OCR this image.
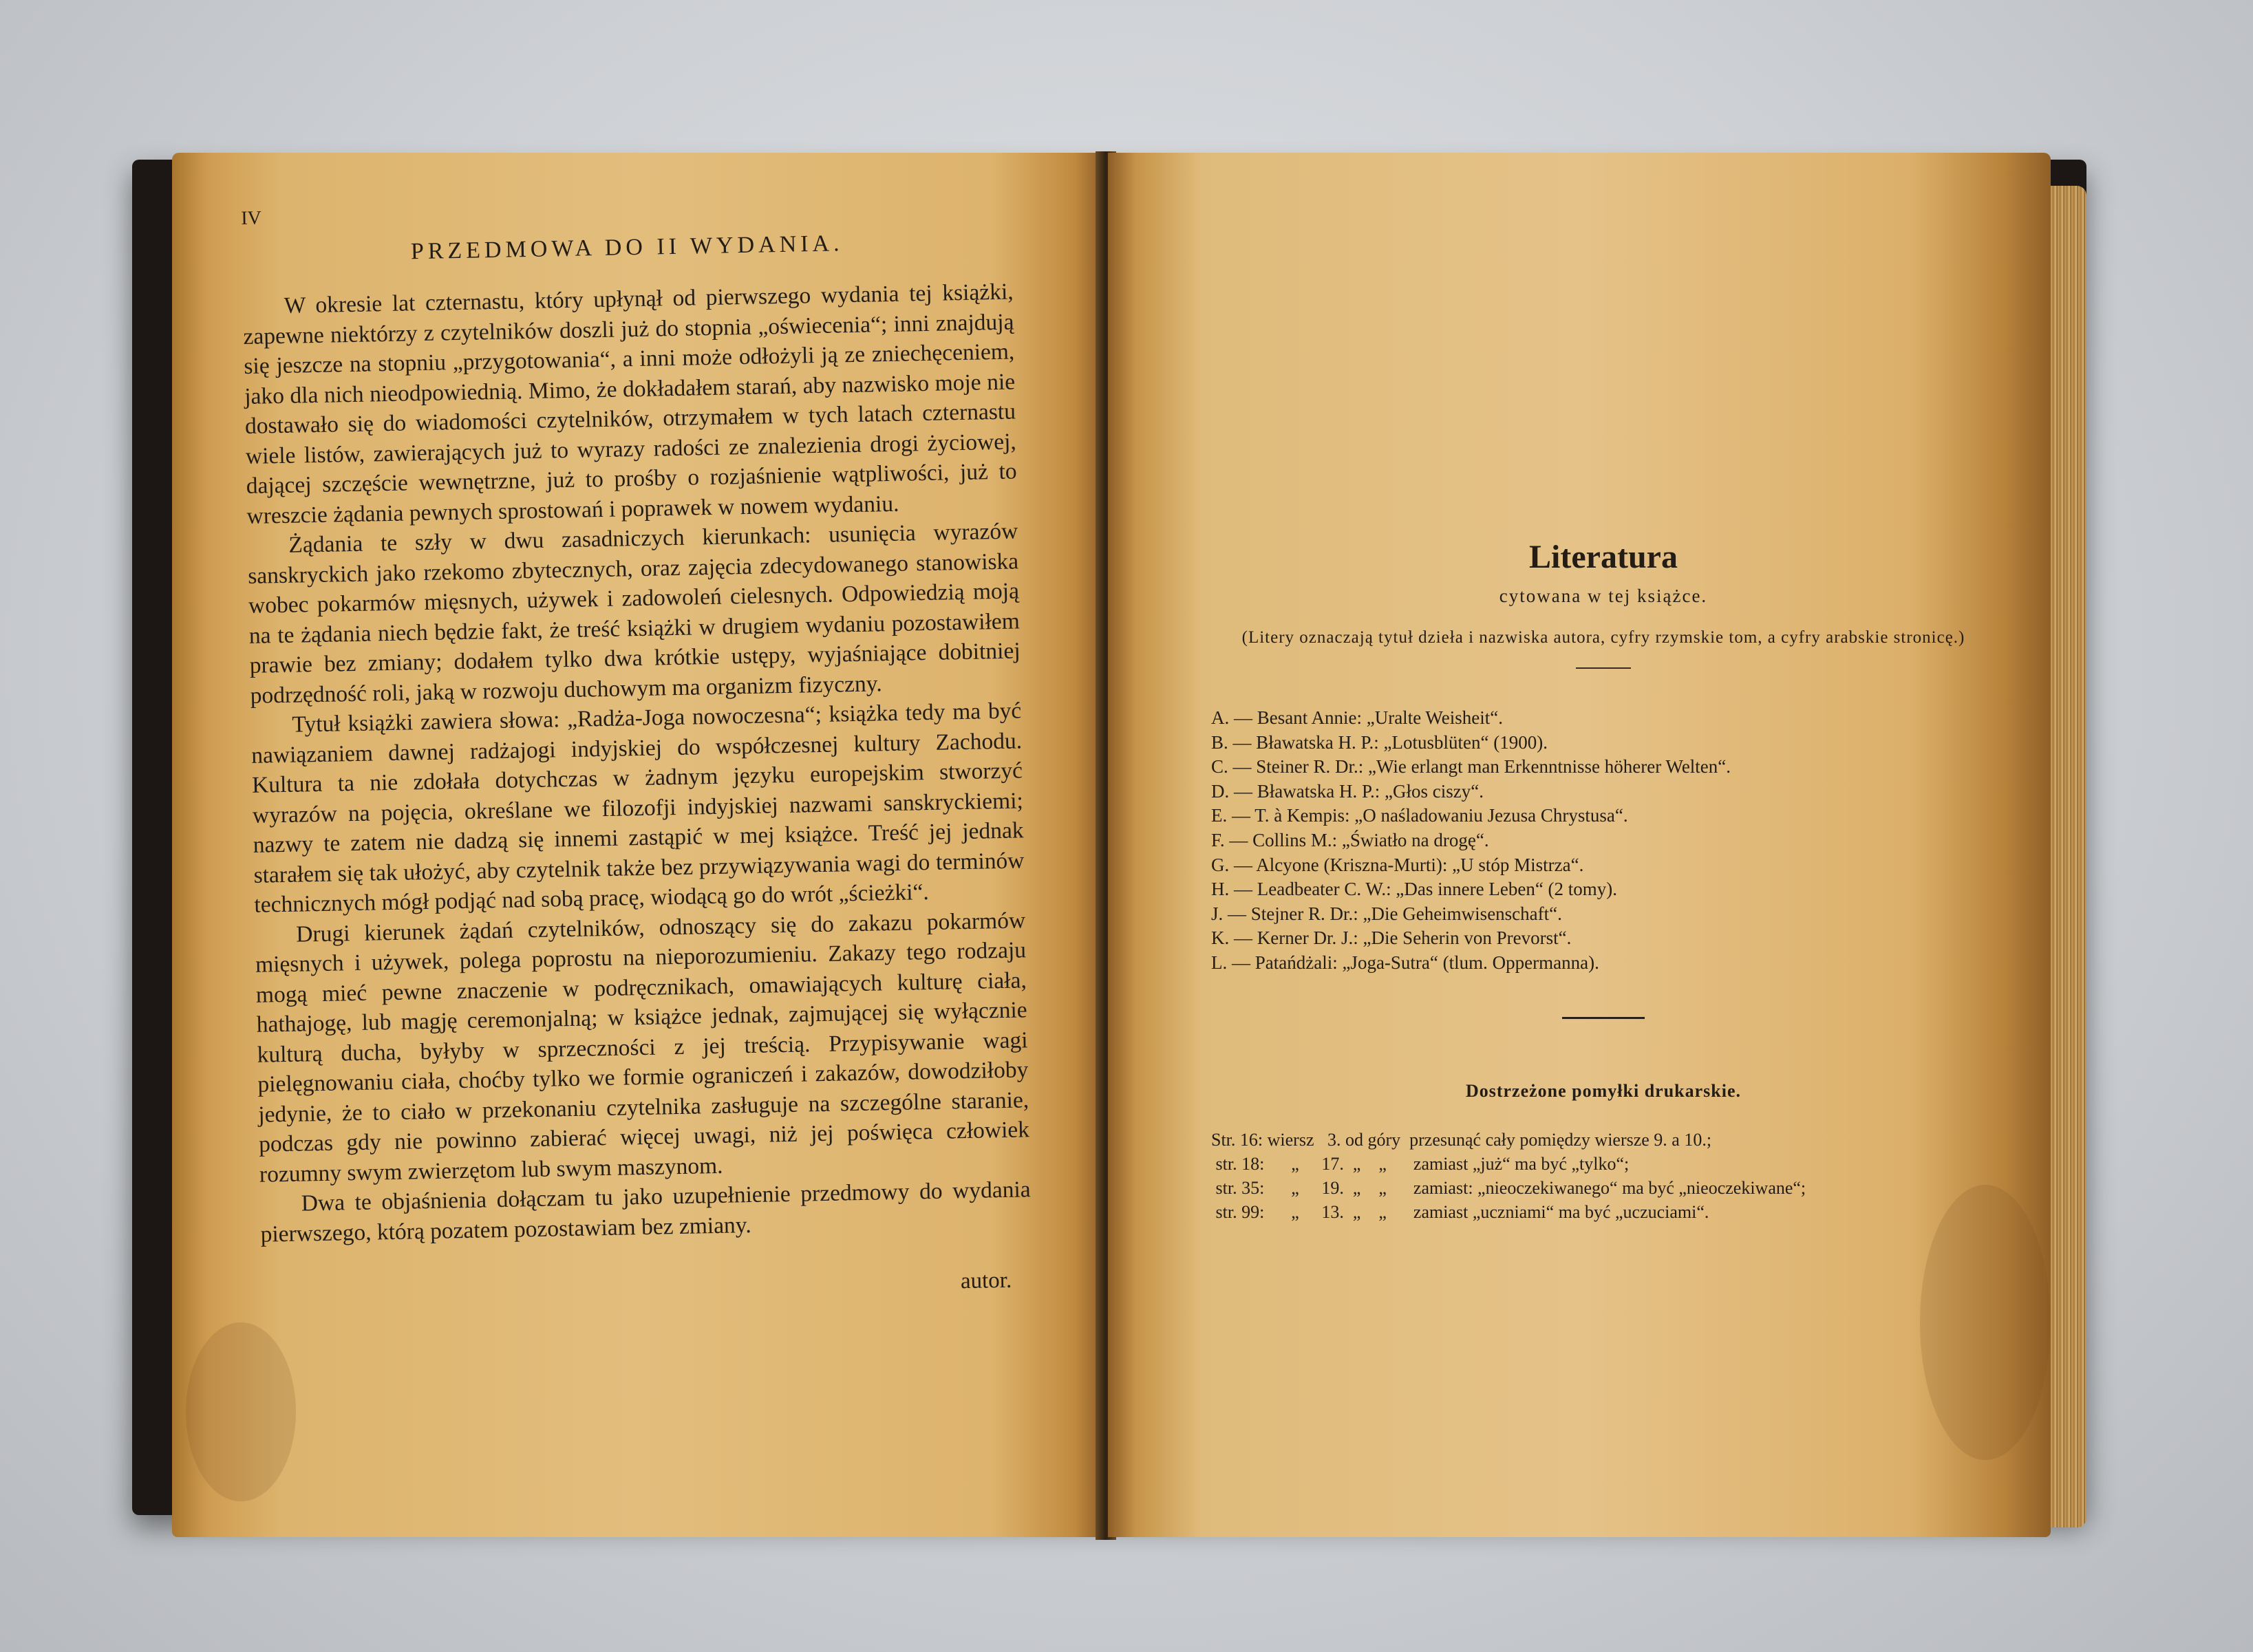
IV
PRZEDMOWA DO II WYDANIA.

W okresie lat czternastu, który upłynął od pierwszego wydania tej książki, zapewne niektórzy z czytelników doszli już do stopnia „oświecenia“; inni znajdują się jeszcze na stopniu „przygotowania“, a inni może odłożyli ją ze zniechęceniem, jako dla nich nieodpowiednią. Mimo, że dokładałem starań, aby nazwisko moje nie dostawało się do wiadomości czytelników, otrzymałem w tych latach czternastu wiele listów, zawierających już to wyrazy radości ze znalezienia drogi życiowej, dającej szczęście wewnętrzne, już to prośby o rozjaśnienie wątpliwości, już to wreszcie żądania pewnych sprostowań i poprawek w nowem wydaniu.

Żądania te szły w dwu zasadniczych kierunkach: usunięcia wyrazów sanskryckich jako rzekomo zbytecznych, oraz zajęcia zdecydowanego stanowiska wobec pokarmów mięsnych, używek i zadowoleń cielesnych. Odpowiedzią moją na te żądania niech będzie fakt, że treść książki w drugiem wydaniu pozostawiłem prawie bez zmiany; dodałem tylko dwa krótkie ustępy, wyjaśniające dobitniej podrzędność roli, jaką w rozwoju duchowym ma organizm fizyczny.

Tytuł książki zawiera słowa: „Radża-Joga nowoczesna“; książka tedy ma być nawiązaniem dawnej radżajogi indyjskiej do współczesnej kultury Zachodu. Kultura ta nie zdołała dotychczas w żadnym języku europejskim stworzyć wyrazów na pojęcia, określane we filozofji indyjskiej nazwami sanskryckiemi; nazwy te zatem nie dadzą się innemi zastąpić w mej książce. Treść jej jednak starałem się tak ułożyć, aby czytelnik także bez przywiązywania wagi do terminów technicznych mógł podjąć nad sobą pracę, wiodącą go do wrót „ścieżki“.

Drugi kierunek żądań czytelników, odnoszący się do zakazu pokarmów mięsnych i używek, polega poprostu na nieporozumieniu. Zakazy tego rodzaju mogą mieć pewne znaczenie w podręcznikach, omawiających kulturę ciała, hathajogę, lub magję ceremonjalną; w książce jednak, zajmującej się wyłącznie kulturą ducha, byłyby w sprzeczności z jej treścią. Przypisywanie wagi pielęgnowaniu ciała, choćby tylko we formie ograniczeń i zakazów, dowodziłoby jedynie, że to ciało w przekonaniu czytelnika zasługuje na szczególne staranie, podczas gdy nie powinno zabierać więcej uwagi, niż jej poświęca człowiek rozumny swym zwierzętom lub swym maszynom.

Dwa te objaśnienia dołączam tu jako uzupełnienie przedmowy do wydania pierwszego, którą pozatem pozostawiam bez zmiany.

autor.
Literatura
cytowana w tej książce.
(Litery oznaczają tytuł dzieła i nazwiska autora, cyfry rzymskie tom, a cyfry arabskie stronicę.)
A. — Besant Annie: „Uralte Weisheit“.
B. — Bławatska H. P.: „Lotusblüten“ (1900).
C. — Steiner R. Dr.: „Wie erlangt man Erkenntnisse höherer Welten“.
D. — Bławatska H. P.: „Głos ciszy“.
E. — T. à Kempis: „O naśladowaniu Jezusa Chrystusa“.
F. — Collins M.: „Światło na drogę“.
G. — Alcyone (Kriszna-Murti): „U stóp Mistrza“.
H. — Leadbeater C. W.: „Das innere Leben“ (2 tomy).
J. — Stejner R. Dr.: „Die Geheimwisenschaft“.
K. — Kerner Dr. J.: „Die Seherin von Prevorst“.
L. — Patańdżali: „Joga-Sutra“ (tlum. Oppermanna).
Dostrzeżone pomyłki drukarskie.
Str. 16: wiersz   3. od góry  przesunąć cały pomiędzy wiersze 9. a 10.;
str. 18:      „     17.  „    „      zamiast „już“ ma być „tylko“;
str. 35:      „     19.  „    „      zamiast: „nieoczekiwanego“ ma być „nieoczekiwane“;
str. 99:      „     13.  „    „      zamiast „uczniami“ ma być „uczuciami“.
